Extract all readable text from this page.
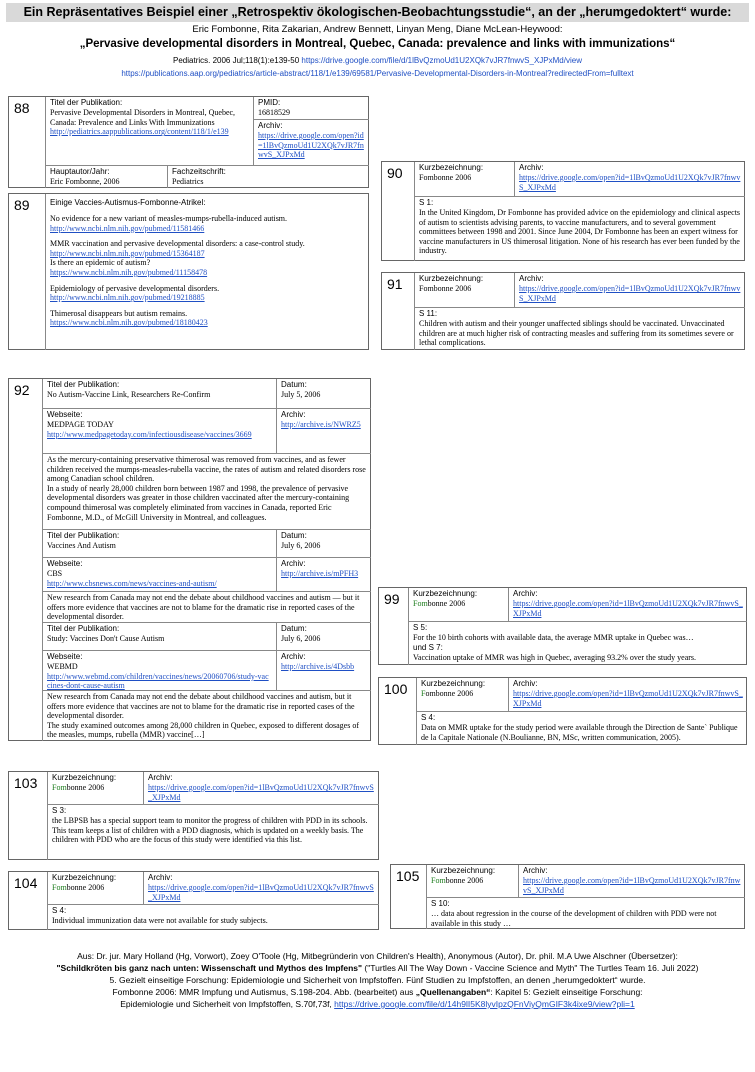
Ein Repräsentatives Beispiel einer „Retrospektiv ökologischen-Beobachtungsstudie“, an der „herumgedoktert“ wurde:
Eric Fombonne, Rita Zakarian, Andrew Bennett, Linyan Meng, Diane McLean-Heywood:
„Pervasive developmental disorders in Montreal, Quebec, Canada: prevalence and links with immunizations“
Pediatrics. 2006 Jul;118(1):e139-50 https://drive.google.com/file/d/1lBvQzmoUd1U2XQk7vJR7fnwvS_XJPxMd/view
https://publications.aap.org/pediatrics/article-abstract/118/1/e139/69581/Pervasive-Developmental-Disorders-in-Montreal?redirectedFrom=fulltext
88	Titel der Publikation:
Pervasive Developmental Disorders in Montreal, Quebec, Canada: Prevalence and Links With Immunizations
http://pediatrics.aappublications.org/content/118/1/e139
PMID:
16818529
Archiv:
https://drive.google.com/open?id=1lBvQzmoUd1U2XQk7vJR7fnwvS_XJPxMd
Hauptautor/Jahr:
Eric Fombonne, 2006
Fachzeitschrift:
Pediatrics
89	Einige Vaccies-Autismus-Fombonne-Atrikel:
No evidence for a new variant of measles-mumps-rubella-induced autism.
http://www.ncbi.nlm.nih.gov/pubmed/11581466
MMR vaccination and pervasive developmental disorders: a case-control study.
http://www.ncbi.nlm.nih.gov/pubmed/15364187
Is there an epidemic of autism?
https://www.ncbi.nlm.nih.gov/pubmed/11158478
Epidemiology of pervasive developmental disorders.
http://www.ncbi.nlm.nih.gov/pubmed/19218885
Thimerosal disappears but autism remains.
https://www.ncbi.nlm.nih.gov/pubmed/18180423
90 Kurzbezeichnung:
Fombonne 2006
Archiv:
https://drive.google.com/open?id=1lBvQzmoUd1U2XQk7vJR7fnwvS_XJPxMd
S 1:
In the United Kingdom, Dr Fombonne has provided advice on the epidemiology and clinical aspects of autism to scientists advising parents, to vaccine manufacturers, and to several government committees between 1998 and 2001. Since June 2004, Dr Fombonne has been an expert witness for vaccine manufacturers in US thimerosal litigation. None of his research has ever been funded by the industry.
91 Kurzbezeichnung:
Fombonne 2006
Archiv:
https://drive.google.com/open?id=1lBvQzmoUd1U2XQk7vJR7fnwvS_XJPxMd
S 11:
Children with autism and their younger unaffected siblings should be vaccinated. Unvaccinated children are at much higher risk of contracting measles and suffering from its sometimes severe or lethal complications.
92 Titel der Publikation:
No Autism-Vaccine Link, Researchers Re-Confirm
Datum:
July 5, 2006
Webseite:
MEDPAGE TODAY
http://www.medpagetoday.com/infectiousdisease/vaccines/3669
Archiv:
http://archive.is/NWRZ5
As the mercury-containing preservative thimerosal was removed from vaccines, and as fewer children received the mumps-measles-rubella vaccine, the rates of autism and related disorders rose among Canadian school children.
In a study of nearly 28,000 children born between 1987 and 1998, the prevalence of pervasive developmental disorders was greater in those children vaccinated after the mercury-containing compound thimerosal was completely eliminated from vaccines in Canada, reported Eric Fombonne, M.D., of McGill University in Montreal, and colleagues.
Titel der Publikation:
Vaccines And Autism
Datum:
July 6, 2006
Webseite:
CBS
http://www.cbsnews.com/news/vaccines-and-autism/
Archiv:
http://archive.is/mPFH3
New research from Canada may not end the debate about childhood vaccines and autism — but it offers more evidence that vaccines are not to blame for the dramatic rise in reported cases of the developmental disorder.
Titel der Publikation:
Study: Vaccines Don't Cause Autism
Datum:
July 6, 2006
Webseite:
WEBMD
http://www.webmd.com/children/vaccines/news/20060706/study-vaccines-dont-cause-autism
Archiv:
http://archive.is/4Dsbb
New research from Canada may not end the debate about childhood vaccines and autism, but it offers more evidence that vaccines are not to blame for the dramatic rise in reported cases of the developmental disorder.
The study examined outcomes among 28,000 children in Quebec, exposed to different dosages of the measles, mumps, rubella (MMR) vaccine[…]
99 Kurzbezeichnung:
Fombonne 2006
Archiv:
https://drive.google.com/open?id=1lBvQzmoUd1U2XQk7vJR7fnwvS_XJPxMd
S 5:
For the 10 birth cohorts with available data, the average MMR uptake in Quebec was…
und S 7:
Vaccination uptake of MMR was high in Quebec, averaging 93.2% over the study years.
100 Kurzbezeichnung:
Fombonne 2006
Archiv:
https://drive.google.com/open?id=1lBvQzmoUd1U2XQk7vJR7fnwvS_XJPxMd
S 4:
Data on MMR uptake for the study period were available through the Direction de Sante` Publique de la Capitale Nationale (N.Boulianne, BN, MSc, written communication, 2005).
103 Kurzbezeichnung:
Fombonne 2006
Archiv:
https://drive.google.com/open?id=1lBvQzmoUd1U2XQk7vJR7fnwvS_XJPxMd
S 3:
the LBPSB has a special support team to monitor the progress of children with PDD in its schools. This team keeps a list of children with a PDD diagnosis, which is updated on a weekly basis. The children with PDD who are the focus of this study were identified via this list.
104 Kurzbezeichnung:
Fombonne 2006
Archiv:
https://drive.google.com/open?id=1lBvQzmoUd1U2XQk7vJR7fnwvS_XJPxMd
S 4:
Individual immunization data were not available for study subjects.
105 Kurzbezeichnung:
Fombonne 2006
Archiv:
https://drive.google.com/open?id=1lBvQzmoUd1U2XQk7vJR7fnwvS_XJPxMd
S 10:
… data about regression in the course of the development of children with PDD were not available in this study …
Aus: Dr. jur. Mary Holland (Hg, Vorwort), Zoey O'Toole (Hg, Mitbegründerin von Children's Health), Anonymous (Autor), Dr. phil. M.A Uwe Alschner (Übersetzer):
"Schildkröten bis ganz nach unten: Wissenschaft und Mythos des Impfens" ("Turtles All The Way Down - Vaccine Science and Myth" The Turtles Team 16. Juli 2022)
5. Gezielt einseitige Forschung: Epidemiologie und Sicherheit von Impfstoffen. Fünf Studien zu Impfstoffen, an denen „herumgedoktert“ wurde.
Fombonne 2006: MMR Impfung und Autismus, S.198-204. Abb. (bearbeitet) aus „Quellenangaben“: Kapitel 5: Gezielt einseitige Forschung:
Epidemiologie und Sicherheit von Impfstoffen, S.70f,73f, https://drive.google.com/file/d/14h9lI5K8lyvIpzQFnViyQmGIF3k4ixe9/view?pli=1
